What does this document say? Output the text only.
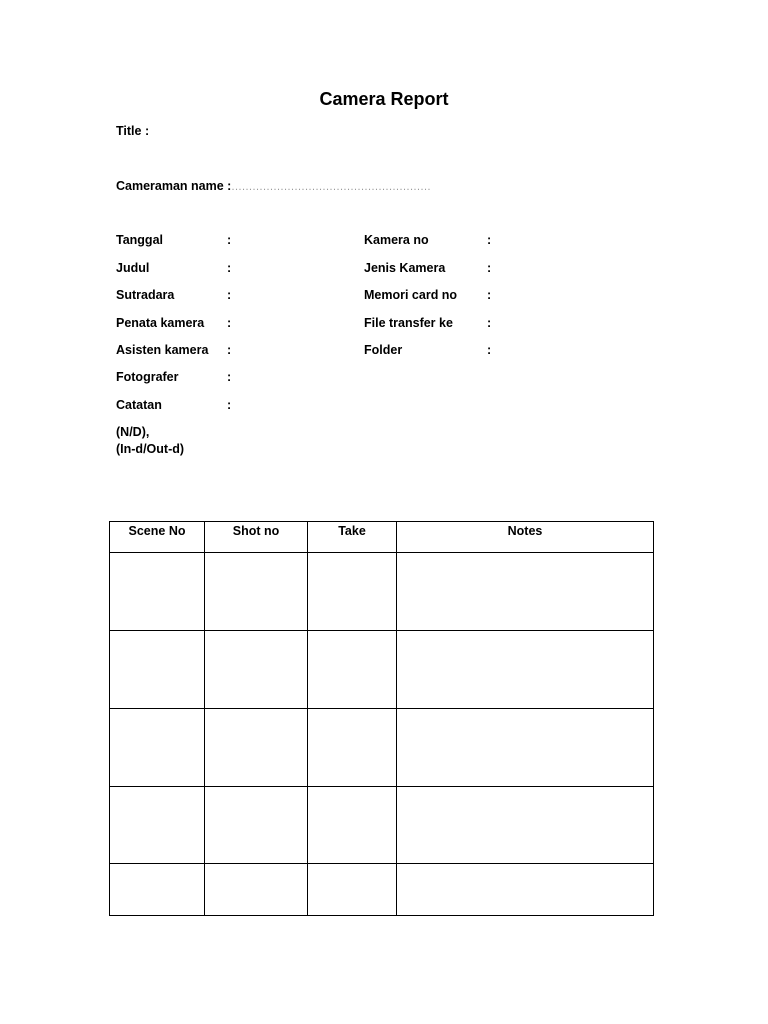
Camera Report
Title :
Cameraman name : …………………………………………………
Tanggal	:
Judul	:
Sutradara	:
Penata kamera :
Asisten kamera :
Fotografer	:
Catatan	:
(N/D),
(In-d/Out-d)
Kamera no	:
Jenis Kamera	:
Memori card no :
File transfer ke	:
Folder	:
Scene No	Shot no	Take	Notes
